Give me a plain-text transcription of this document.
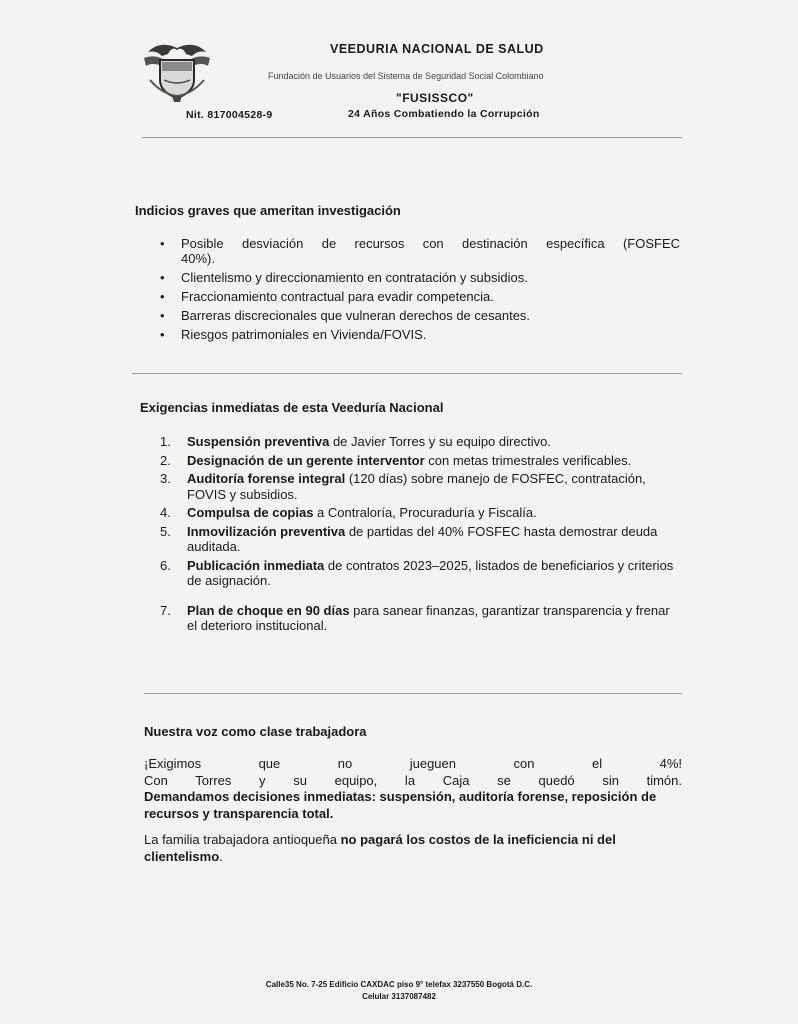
VEEDURIA NACIONAL DE SALUD
Fundación de Usuarios del Sistema de Seguridad Social Colombiano
"FUSISSCO"
Nit. 817004528-9	24 Años Combatiendo la Corrupción
Indicios graves que ameritan investigación
• Posible desviación de recursos con destinación específica (FOSFEC
40%).
• Clientelismo y direccionamiento en contratación y subsidios.
• Fraccionamiento contractual para evadir competencia.
• Barreras discrecionales que vulneran derechos de cesantes.
• Riesgos patrimoniales en Vivienda/FOVIS.
Exigencias inmediatas de esta Veeduría Nacional
1. Suspensión preventiva de Javier Torres y su equipo directivo.
2. Designación de un gerente interventor con metas trimestrales verificables.
3. Auditoría forense integral (120 días) sobre manejo de FOSFEC, contratación, FOVIS y subsidios.
4. Compulsa de copias a Contraloría, Procuraduría y Fiscalía.
5. Inmovilización preventiva de partidas del 40% FOSFEC hasta demostrar deuda auditada.
6. Publicación inmediata de contratos 2023–2025, listados de beneficiarios y criterios de asignación.
7. Plan de choque en 90 días para sanear finanzas, garantizar transparencia y frenar el deterioro institucional.
Nuestra voz como clase trabajadora

¡Exigimos que no jueguen con el 4%!

Con Torres y su equipo, la Caja se quedó sin timón.

Demandamos decisiones inmediatas: suspensión, auditoría forense, reposición de recursos y transparencia total.

La familia trabajadora antioqueña no pagará los costos de la ineficiencia ni del clientelismo.

Calle35 No. 7-25 Edificio CAXDAC piso 9° telefax 3237550 Bogotá D.C.
Celular 3137087482
